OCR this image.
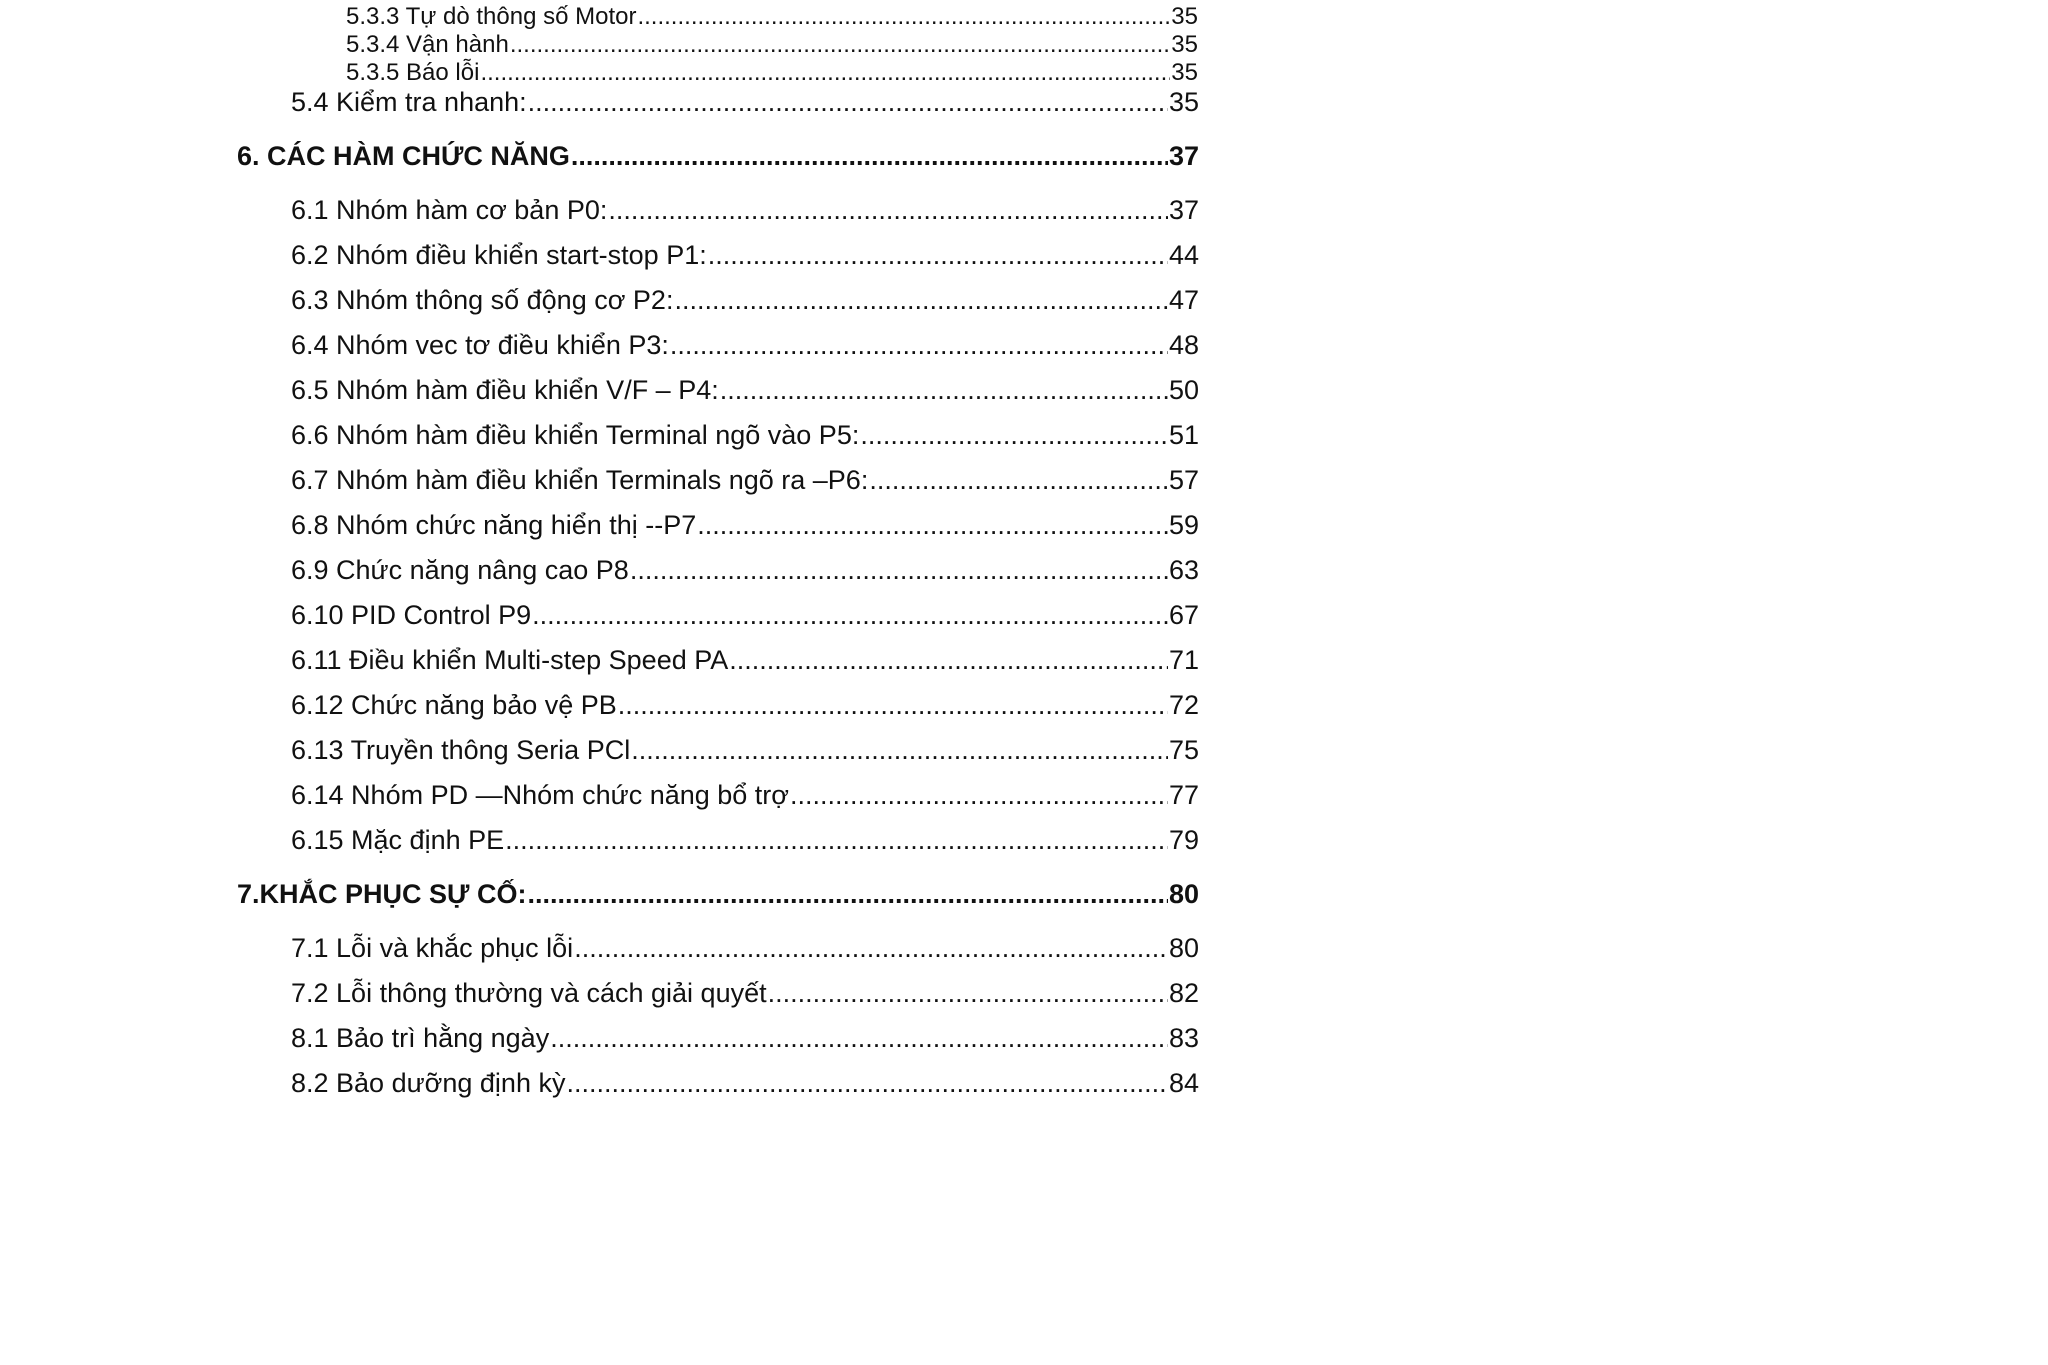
5.3.3 Tự dò thông số Motor .....	35
5.3.4 Vận hành .....	35
5.3.5 Báo lỗi .....	35
5.4 Kiểm tra nhanh: .....	35
6. CÁC HÀM CHỨC NĂNG .....	37
6.1 Nhóm hàm cơ bản P0: .....	37
6.2 Nhóm điều khiển start-stop P1: .....	44
6.3 Nhóm thông số động cơ P2: .....	47
6.4 Nhóm vec tơ điều khiển P3: .....	48
6.5 Nhóm hàm điều khiển V/F – P4: .....	50
6.6 Nhóm hàm điều khiển Terminal ngõ vào P5: .....	51
6.7 Nhóm hàm điều khiển Terminals ngõ ra –P6: .....	57
6.8 Nhóm chức năng hiển thị --P7 .....	59
6.9 Chức năng nâng cao P8 .....	63
6.10 PID Control P9 .....	67
6.11 Điều khiển Multi-step Speed PA .....	71
6.12 Chức năng bảo vệ PB .....	72
6.13 Truyền thông Seria PCl .....	75
6.14 Nhóm PD —Nhóm chức năng bổ trợ .....	77
6.15 Mặc định PE .....	79
7. KHẮC PHỤC SỰ CỐ: .....	80
7.1 Lỗi và khắc phục lỗi .....	80
7.2 Lỗi thông thường và cách giải quyết .....	82
8.1 Bảo trì hằng ngày .....	83
8.2 Bảo dưỡng định kỳ .....	84
